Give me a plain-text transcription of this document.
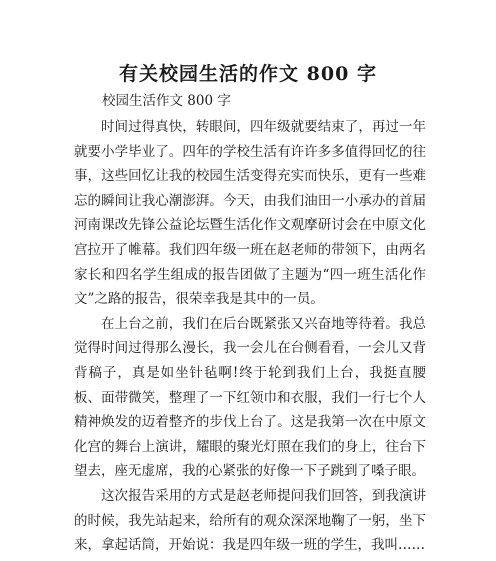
有关校园生活的作文 800 字

校园生活作文 800 字

时间过得真快，转眼间，四年级就要结束了，再过一年就要小学毕业了。四年的学校生活有许许多多值得回忆的往事，这些回忆让我的校园生活变得充实而快乐，更有一些难忘的瞬间让我心潮澎湃。今天，由我们油田一小承办的首届河南课改先锋公益论坛暨生活化作文观摩研讨会在中原文化宫拉开了帷幕。我们四年级一班在赵老师的带领下，由两名家长和四名学生组成的报告团做了主题为“四一班生活化作文”之路的报告，很荣幸我是其中的一员。

在上台之前，我们在后台既紧张又兴奋地等待着。我总觉得时间过得那么漫长，我一会儿在台侧看看，一会儿又背背稿子，真是如坐针毡啊!终于轮到我们上台，我挺直腰板、面带微笑，整理了一下红领巾和衣服，我们一行七个人精神焕发的迈着整齐的步伐上台了。这是我第一次在中原文化宫的舞台上演讲，耀眼的聚光灯照在我们的身上，往台下望去，座无虚席，我的心紧张的好像一下子跳到了嗓子眼。

这次报告采用的方式是赵老师提问我们回答，到我演讲的时候，我先站起来，给所有的观众深深地鞠了一躬，坐下来，拿起话筒，开始说：我是四年级一班的学生，我叫……
